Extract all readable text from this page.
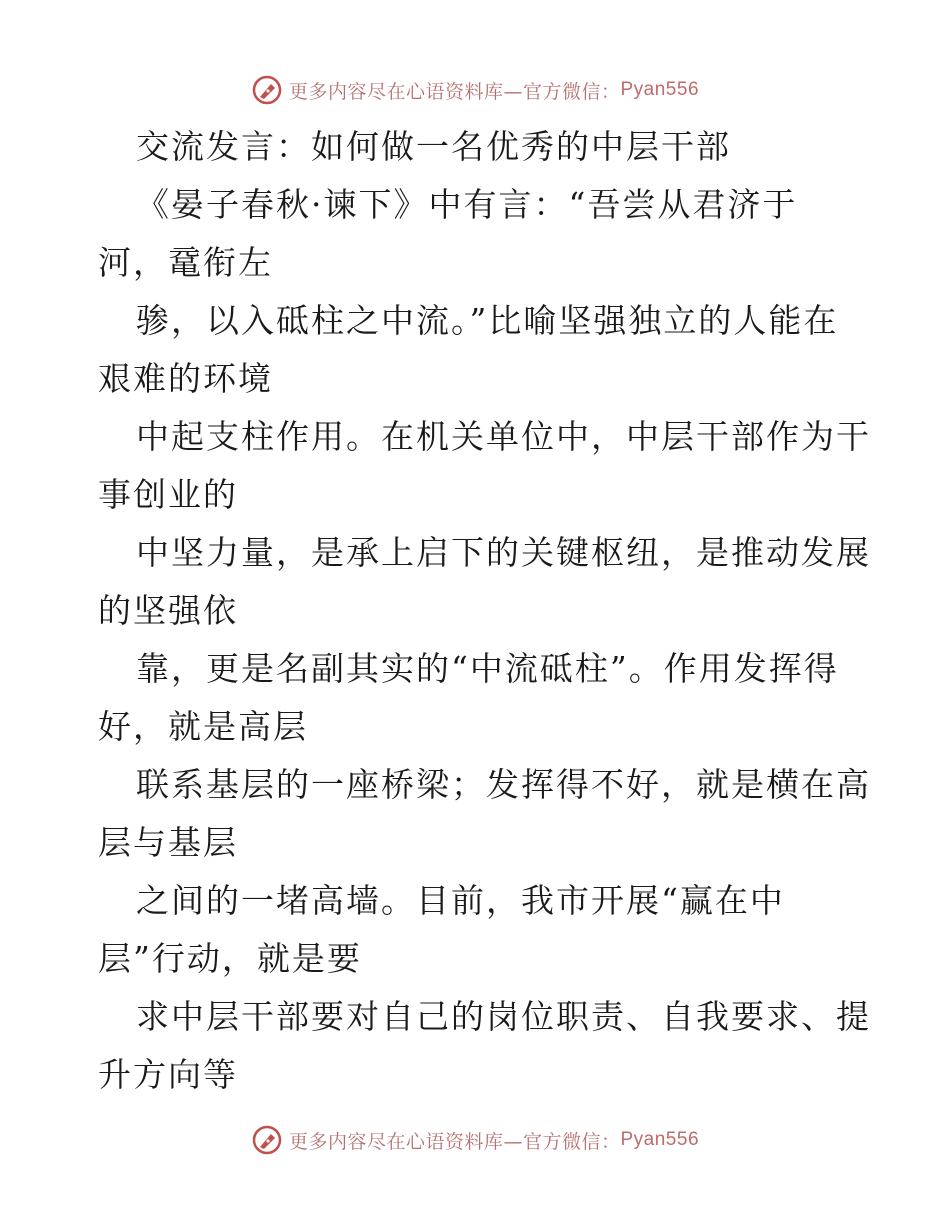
更多内容尽在心语资料库—官方微信： Pyan556
交流发言：如何做一名优秀的中层干部
《晏子春秋·谏下》中有言：“吾尝从君济于
河，鼋衔左
骖，以入砥柱之中流。”比喻坚强独立的人能在
艰难的环境
中起支柱作用。在机关单位中，中层干部作为干
事创业的
中坚力量，是承上启下的关键枢纽，是推动发展
的坚强依
靠，更是名副其实的“中流砥柱”。作用发挥得
好，就是高层
联系基层的一座桥梁；发挥得不好，就是横在高
层与基层
之间的一堵高墙。目前，我市开展“赢在中
层”行动，就是要
求中层干部要对自己的岗位职责、自我要求、提
升方向等
更多内容尽在心语资料库—官方微信： Pyan556
